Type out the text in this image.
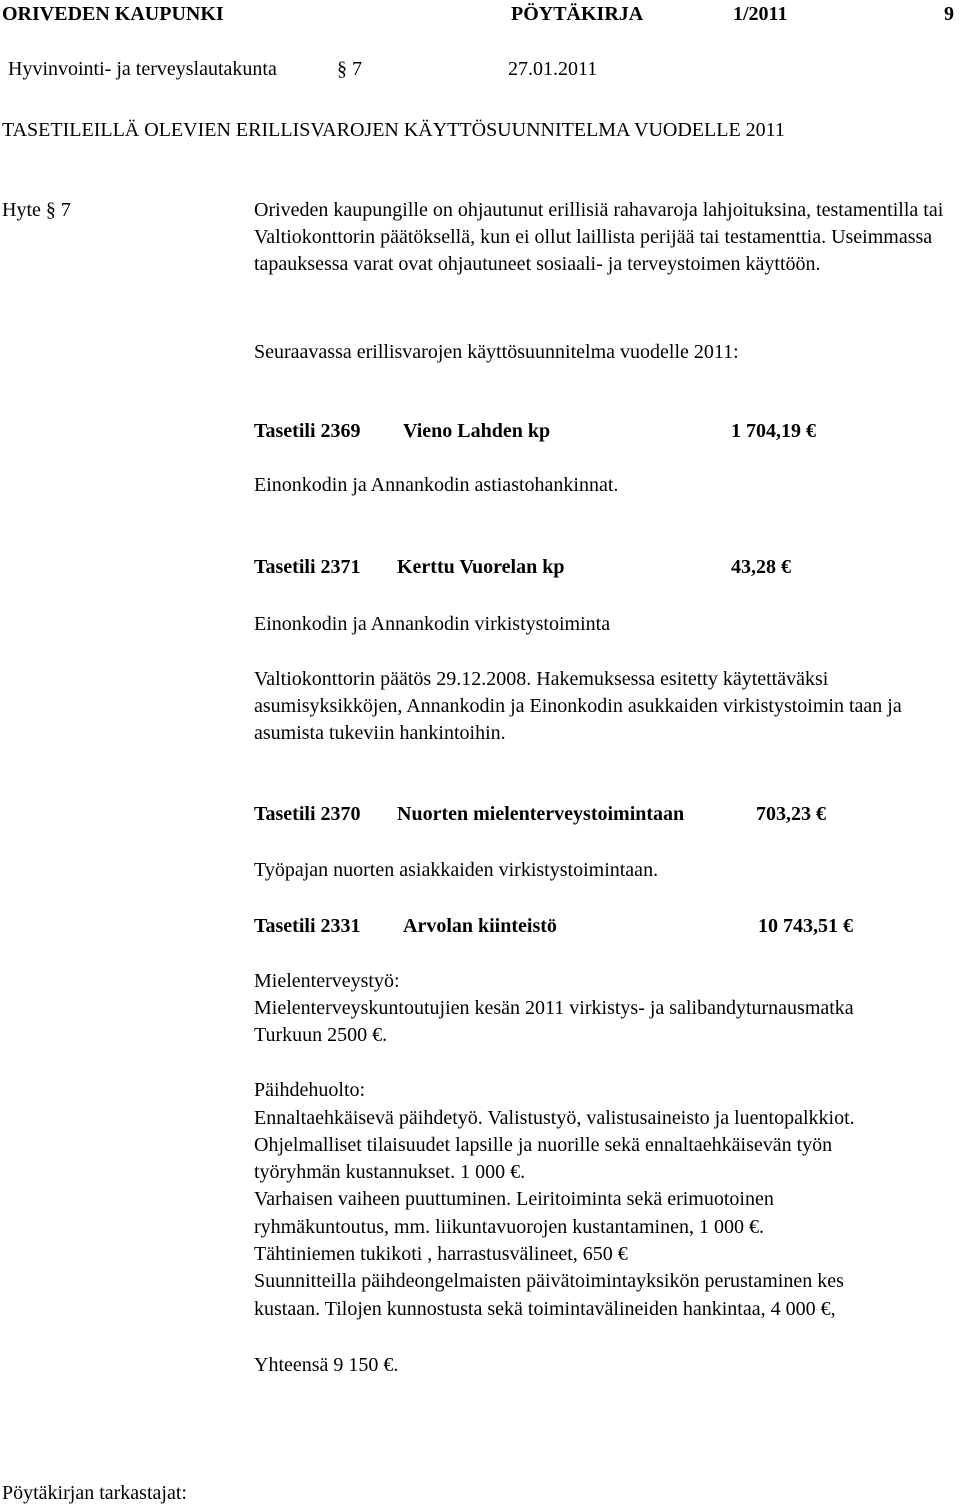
ORIVEDEN KAUPUNKI	PÖYTÄKIRJA	1/2011	9
Hyvinvointi- ja terveyslautakunta	§ 7	27.01.2011
TASETILEILLÄ OLEVIEN ERILLISVAROJEN KÄYTTÖSUUNNITELMA VUODELLE 2011
Hyte § 7	Oriveden kaupungille on ohjautunut erillisiä rahavaroja lahjoituksina, testamentilla tai Valtiokonttorin päätöksellä, kun ei ollut laillista perijää tai testamenttia. Useimmassa tapauksessa varat ovat ohjautuneet sosiaali- ja terveystoimen käyttöön.
Seuraavassa erillisvarojen käyttösuunnitelma vuodelle 2011:
Tasetili 2369 Vieno Lahden kp	1 704,19 €
Einonkodin ja Annankodin astiastohankinnat.
Tasetili 2371 Kerttu Vuorelan kp	43,28 €
Einonkodin ja Annankodin virkistystoiminta
Valtiokonttorin päätös 29.12.2008. Hakemuksessa esitetty käytettäväksi asumisyksikköjen, Annankodin ja Einonkodin asukkaiden virkistystoimin taan ja asumista tukeviin hankintoihin.
Tasetili 2370 Nuorten mielenterveystoimintaan	703,23 €
Työpajan nuorten asiakkaiden virkistystoimintaan.
Tasetili 2331 Arvolan kiinteistö	10 743,51 €
Mielenterveystyö:
Mielenterveyskuntoutujien kesän 2011 virkistys- ja salibandyturnausmatka
Turkuun 2500 €.
Päihdehuolto:
Ennaltaehkäisevä päihdetyö. Valistustyö, valistusaineisto ja luentopalkkiot.
Ohjelmalliset tilaisuudet lapsille ja nuorille sekä ennaltaehkäisevän työn
työryhmän kustannukset. 1 000 €.
Varhaisen vaiheen puuttuminen. Leiritoiminta sekä erimuotoinen
ryhmäkuntoutus, mm. liikuntavuorojen kustantaminen, 1 000 €.
Tähtiniemen tukikoti , harrastusvälineet, 650 €
Suunnitteilla päihdeongelmaisten päivätoimintayksikön perustaminen kes
kustaan. Tilojen kunnostusta sekä toimintavälineiden hankintaa, 4 000 €,
Yhteensä 9 150 €.
Pöytäkirjan tarkastajat:
